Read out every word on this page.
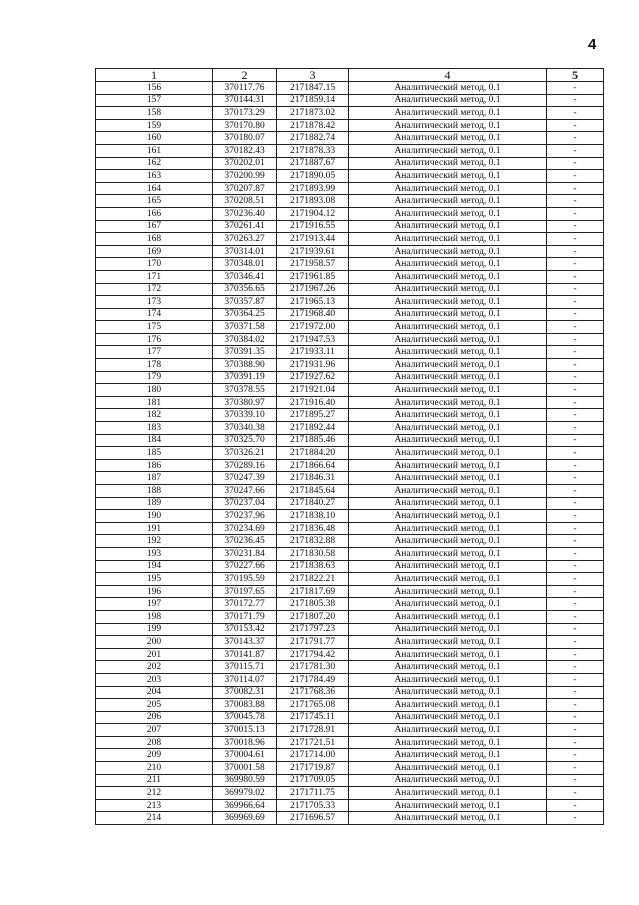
4
1	2	3	4	5
156	370117.76	2171847.15	Аналитический метод, 0.1	-
157	370144.31	2171859.14	Аналитический метод, 0.1	-
158	370173.29	2171873.02	Аналитический метод, 0.1	-
159	370170.80	2171878.42	Аналитический метод, 0.1	-
160	370180.07	2171882.74	Аналитический метод, 0.1	-
161	370182.43	2171878.33	Аналитический метод, 0.1	-
162	370202.01	2171887.67	Аналитический метод, 0.1	-
163	370200.99	2171890.05	Аналитический метод, 0.1	-
164	370207.87	2171893.99	Аналитический метод, 0.1	-
165	370208.51	2171893.08	Аналитический метод, 0.1	-
166	370236.40	2171904.12	Аналитический метод, 0.1	-
167	370261.41	2171916.55	Аналитический метод, 0.1	-
168	370263.27	2171913.44	Аналитический метод, 0.1	-
169	370314.01	2171939.61	Аналитический метод, 0.1	-
170	370348.01	2171958.57	Аналитический метод, 0.1	-
171	370346.41	2171961.85	Аналитический метод, 0.1	-
172	370356.65	2171967.26	Аналитический метод, 0.1	-
173	370357.87	2171965.13	Аналитический метод, 0.1	-
174	370364.25	2171968.40	Аналитический метод, 0.1	-
175	370371.58	2171972.00	Аналитический метод, 0.1	-
176	370384.02	2171947.53	Аналитический метод, 0.1	-
177	370391.35	2171933.11	Аналитический метод, 0.1	-
178	370388.90	2171931.96	Аналитический метод, 0.1	-
179	370391.19	2171927.62	Аналитический метод, 0.1	-
180	370378.55	2171921.04	Аналитический метод, 0.1	-
181	370380.97	2171916.40	Аналитический метод, 0.1	-
182	370339.10	2171895.27	Аналитический метод, 0.1	-
183	370340.38	2171892.44	Аналитический метод, 0.1	-
184	370325.70	2171885.46	Аналитический метод, 0.1	-
185	370326.21	2171884.20	Аналитический метод, 0.1	-
186	370289.16	2171866.64	Аналитический метод, 0.1	-
187	370247.39	2171846.31	Аналитический метод, 0.1	-
188	370247.66	2171845.64	Аналитический метод, 0.1	-
189	370237.04	2171840.27	Аналитический метод, 0.1	-
190	370237.96	2171838.10	Аналитический метод, 0.1	-
191	370234.69	2171836.48	Аналитический метод, 0.1	-
192	370236.45	2171832.88	Аналитический метод, 0.1	-
193	370231.84	2171830.58	Аналитический метод, 0.1	-
194	370227.66	2171838.63	Аналитический метод, 0.1	-
195	370195.59	2171822.21	Аналитический метод, 0.1	-
196	370197.65	2171817.69	Аналитический метод, 0.1	-
197	370172.77	2171805.38	Аналитический метод, 0.1	-
198	370171.79	2171807.20	Аналитический метод, 0.1	-
199	370153.42	2171797.23	Аналитический метод, 0.1	-
200	370143.37	2171791.77	Аналитический метод, 0.1	-
201	370141.87	2171794.42	Аналитический метод, 0.1	-
202	370115.71	2171781.30	Аналитический метод, 0.1	-
203	370114.07	2171784.49	Аналитический метод, 0.1	-
204	370082.31	2171768.36	Аналитический метод, 0.1	-
205	370083.88	2171765.08	Аналитический метод, 0.1	-
206	370045.78	2171745.11	Аналитический метод, 0.1	-
207	370015.13	2171728.91	Аналитический метод, 0.1	-
208	370018.96	2171721.51	Аналитический метод, 0.1	-
209	370004.61	2171714.00	Аналитический метод, 0.1	-
210	370001.58	2171719.87	Аналитический метод, 0.1	-
211	369980.59	2171709.05	Аналитический метод, 0.1	-
212	369979.02	2171711.75	Аналитический метод, 0.1	-
213	369966.64	2171705.33	Аналитический метод, 0.1	-
214	369969.69	2171696.57	Аналитический метод, 0.1	-
